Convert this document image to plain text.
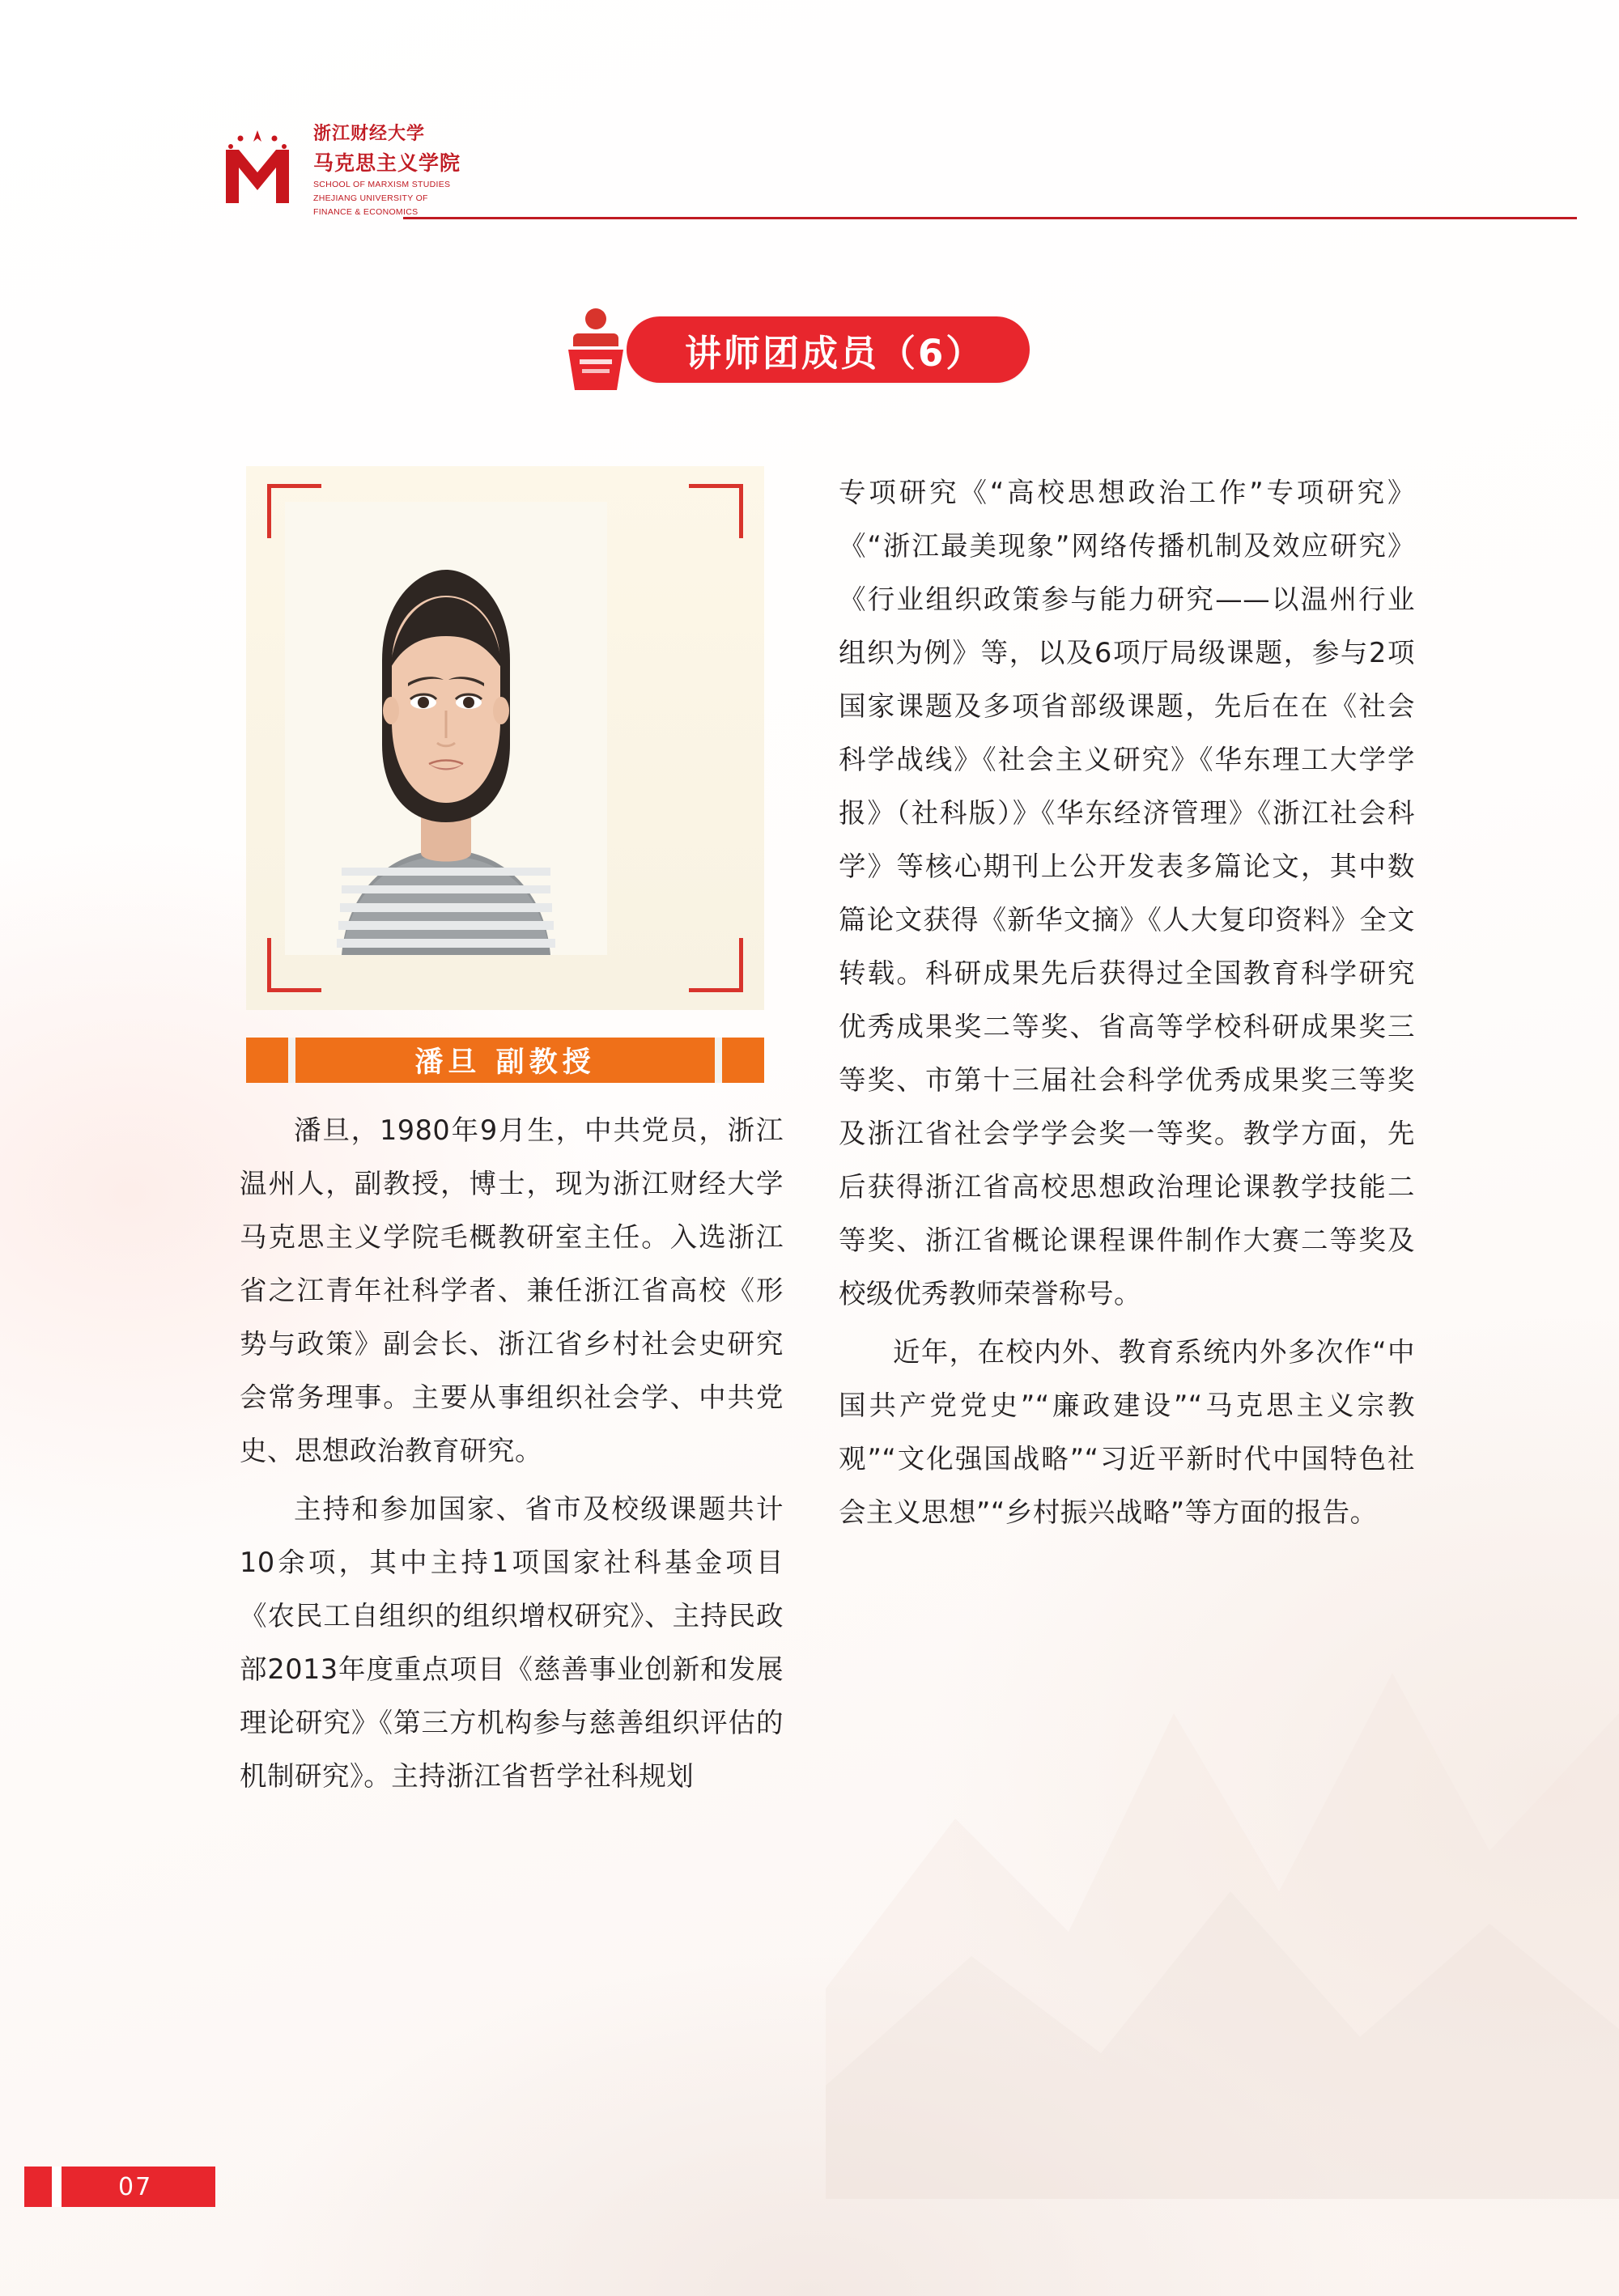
浙江财经大学
马克思主义学院
SCHOOL OF MARXISM STUDIES
ZHEJIANG UNIVERSITY OF
FINANCE & ECONOMICS
讲师团成员（6）
潘旦 副教授

潘旦，1980年9月生，中共党员，浙江温州人，副教授，博士，现为浙江财经大学马克思主义学院毛概教研室主任。入选浙江省之江青年社科学者、兼任浙江省高校《形势与政策》副会长、浙江省乡村社会史研究会常务理事。主要从事组织社会学、中共党史、思想政治教育研究。

主持和参加国家、省市及校级课题共计10余项，其中主持1项国家社科基金项目《农民工自组织的组织增权研究》、主持民政部2013年度重点项目《慈善事业创新和发展理论研究》《第三方机构参与慈善组织评估的机制研究》。主持浙江省哲学社科规划

专项研究《“高校思想政治工作”专项研究》《“浙江最美现象”网络传播机制及效应研究》《行业组织政策参与能力研究——以温州行业组织为例》等，以及6项厅局级课题，参与2项国家课题及多项省部级课题，先后在在《社会科学战线》《社会主义研究》《华东理工大学学报》（社科版）》《华东经济管理》《浙江社会科学》等核心期刊上公开发表多篇论文，其中数篇论文获得《新华文摘》《人大复印资料》全文转载。科研成果先后获得过全国教育科学研究优秀成果奖二等奖、省高等学校科研成果奖三等奖、市第十三届社会科学优秀成果奖三等奖及浙江省社会学学会奖一等奖。教学方面，先后获得浙江省高校思想政治理论课教学技能二等奖、浙江省概论课程课件制作大赛二等奖及校级优秀教师荣誉称号。

近年，在校内外、教育系统内外多次作“中国共产党党史”“廉政建设”“马克思主义宗教观”“文化强国战略”“习近平新时代中国特色社会主义思想”“乡村振兴战略”等方面的报告。

07
